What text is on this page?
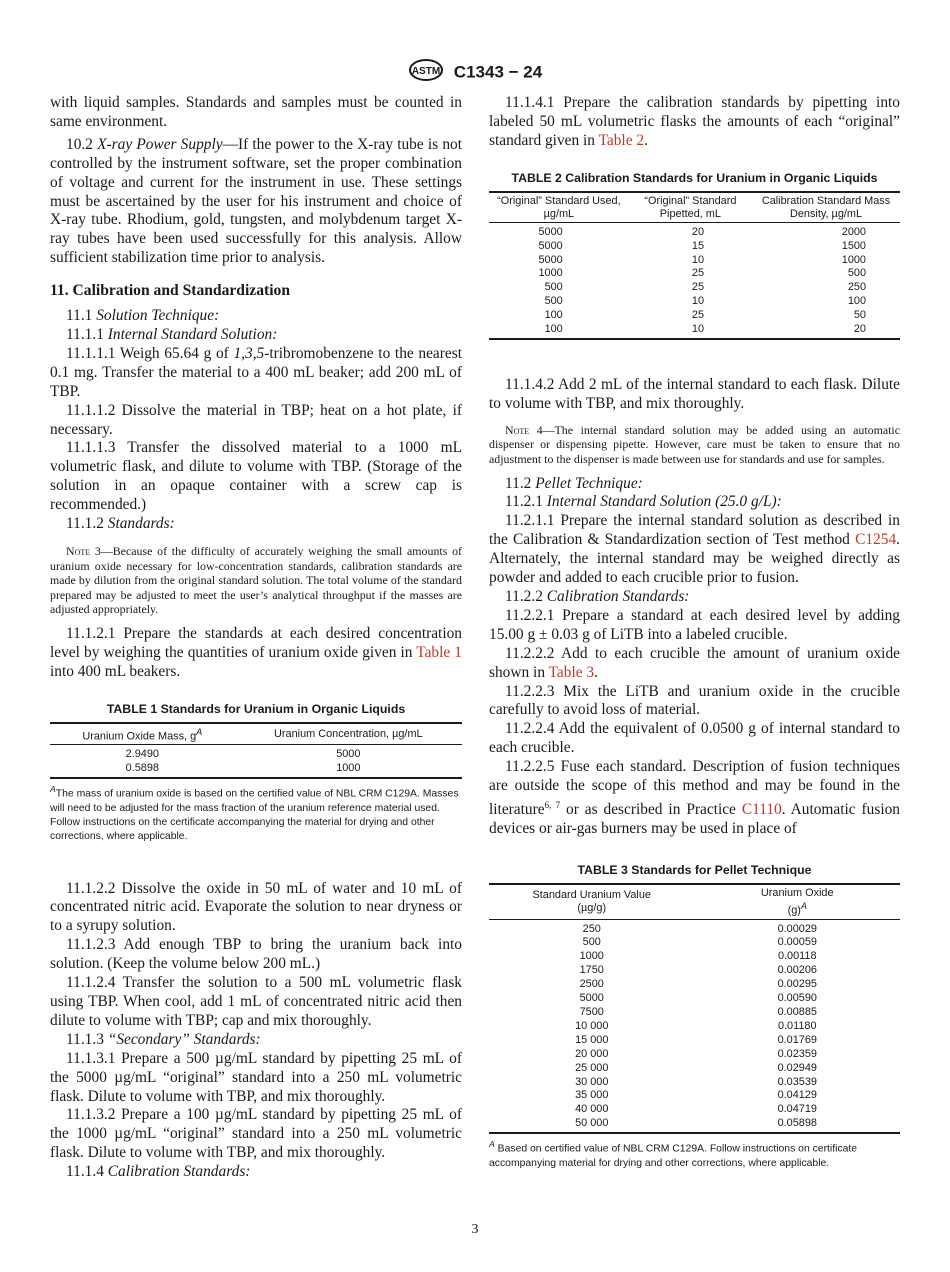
ASTM C1343 − 24

with liquid samples. Standards and samples must be counted in same environment.

10.2 X-ray Power Supply—If the power to the X-ray tube is not controlled by the instrument software, set the proper combination of voltage and current for the instrument in use. These settings must be ascertained by the user for his instrument and choice of X-ray tube. Rhodium, gold, tungsten, and molybdenum target X-ray tubes have been used successfully for this analysis. Allow sufficient stabilization time prior to analysis.

11. Calibration and Standardization

11.1 Solution Technique:

11.1.1 Internal Standard Solution:

11.1.1.1 Weigh 65.64 g of 1,3,5-tribromobenzene to the nearest 0.1 mg. Transfer the material to a 400 mL beaker; add 200 mL of TBP.

11.1.1.2 Dissolve the material in TBP; heat on a hot plate, if necessary.

11.1.1.3 Transfer the dissolved material to a 1000 mL volumetric flask, and dilute to volume with TBP. (Storage of the solution in an opaque container with a screw cap is recommended.)

11.1.2 Standards:

Note 3—Because of the difficulty of accurately weighing the small amounts of uranium oxide necessary for low-concentration standards, calibration standards are made by dilution from the original standard solution. The total volume of the standard prepared may be adjusted to meet the user’s analytical throughput if the masses are adjusted appropriately.

11.1.2.1 Prepare the standards at each desired concentration level by weighing the quantities of uranium oxide given in Table 1 into 400 mL beakers.

TABLE 1 Standards for Uranium in Organic Liquids
Uranium Oxide Mass, $g^A$	Uranium Concentration, µg/mL
2.9490	5000
0.5898	1000

$^A$The mass of uranium oxide is based on the certified value of NBL CRM C129A. Masses will need to be adjusted for the mass fraction of the uranium reference material used. Follow instructions on the certificate accompanying the material for drying and other corrections, where applicable.

11.1.2.2 Dissolve the oxide in 50 mL of water and 10 mL of concentrated nitric acid. Evaporate the solution to near dryness or to a syrupy solution.

11.1.2.3 Add enough TBP to bring the uranium back into solution. (Keep the volume below 200 mL.)

11.1.2.4 Transfer the solution to a 500 mL volumetric flask using TBP. When cool, add 1 mL of concentrated nitric acid then dilute to volume with TBP; cap and mix thoroughly.

11.1.3 “Secondary” Standards:

11.1.3.1 Prepare a 500 µg/mL standard by pipetting 25 mL of the 5000 µg/mL “original” standard into a 250 mL volumetric flask. Dilute to volume with TBP, and mix thoroughly.

11.1.3.2 Prepare a 100 µg/mL standard by pipetting 25 mL of the 1000 µg/mL “original” standard into a 250 mL volumetric flask. Dilute to volume with TBP, and mix thoroughly.

11.1.4 Calibration Standards:

11.1.4.1 Prepare the calibration standards by pipetting into labeled 50 mL volumetric flasks the amounts of each “original” standard given in Table 2.

TABLE 2 Calibration Standards for Uranium in Organic Liquids
“Original” Standard Used, µg/mL	“Original” Standard Pipetted, mL	Calibration Standard Mass Density, µg/mL
5000	20	2000
5000	15	1500
5000	10	1000
1000	25	500
500	25	250
500	10	100
100	25	50
100	10	20

11.1.4.2 Add 2 mL of the internal standard to each flask. Dilute to volume with TBP, and mix thoroughly.

Note 4—The internal standard solution may be added using an automatic dispenser or dispensing pipette. However, care must be taken to ensure that no adjustment to the dispenser is made between use for standards and use for samples.

11.2 Pellet Technique:

11.2.1 Internal Standard Solution (25.0 g/L):

11.2.1.1 Prepare the internal standard solution as described in the Calibration & Standardization section of Test method C1254. Alternately, the internal standard may be weighed directly as powder and added to each crucible prior to fusion.

11.2.2 Calibration Standards:

11.2.2.1 Prepare a standard at each desired level by adding 15.00 g ± 0.03 g of LiTB into a labeled crucible.

11.2.2.2 Add to each crucible the amount of uranium oxide shown in Table 3.

11.2.2.3 Mix the LiTB and uranium oxide in the crucible carefully to avoid loss of material.

11.2.2.4 Add the equivalent of 0.0500 g of internal standard to each crucible.

11.2.2.5 Fuse each standard. Description of fusion techniques are outside the scope of this method and may be found in the literature$^{6, 7}$ or as described in Practice C1110. Automatic fusion devices or air-gas burners may be used in place of

TABLE 3 Standards for Pellet Technique
Standard Uranium Value
(µg/g)	Uranium Oxide
$(g)^A$
250	0.00029
500	0.00059
1000	0.00118
1750	0.00206
2500	0.00295
5000	0.00590
7500	0.00885
10 000	0.01180
15 000	0.01769
20 000	0.02359
25 000	0.02949
30 000	0.03539
35 000	0.04129
40 000	0.04719
50 000	0.05898

$^A$ Based on certified value of NBL CRM C129A. Follow instructions on certificate accompanying material for drying and other corrections, where applicable.

3
